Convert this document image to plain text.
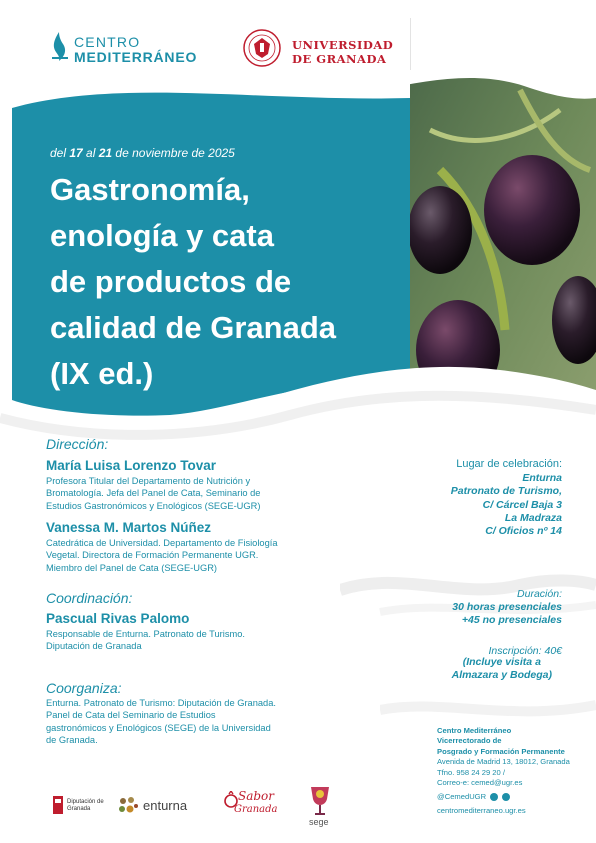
CENTRO
MEDITERRÁNEO
UNIVERSIDAD
DE GRANADA
del 17 al 21 de noviembre de 2025
Gastronomía,
enología y cata
de productos de
calidad de Granada
(IX ed.)
Dirección:
María Luisa Lorenzo Tovar
Profesora Titular del Departamento de Nutrición y
Bromatología. Jefa del Panel de Cata, Seminario de
Estudios Gastronómicos y Enológicos (SEGE-UGR)
Vanessa M. Martos Núñez
Catedrática de Universidad. Departamento de Fisiología
Vegetal. Directora de Formación Permanente UGR.
Miembro del Panel de Cata (SEGE-UGR)
Coordinación:
Pascual Rivas Palomo
Responsable de Enturna. Patronato de Turismo.
Diputación de Granada
Coorganiza:
Enturna. Patronato de Turismo: Diputación de Granada.
Panel de Cata del Seminario de Estudios
gastronómicos y Enológicos (SEGE) de la Universidad
de Granada.
Lugar de celebración:
Enturna
Patronato de Turismo,
C/ Cárcel Baja 3
La Madraza
C/ Oficios nº 14
Duración:
30 horas presenciales
+45 no presenciales
Inscripción: 40€
(Incluye visita a
Almazara y Bodega)
Centro Mediterráneo
Vicerrectorado de
Posgrado y Formación Permanente
Avenida de Madrid 13, 18012, Granada
Tfno. 958 24 29 20 /
Correo-e: cemed@ugr.es
@CemedUGR
centromediterraneo.ugr.es
Diputación de Granada	enturna
Sabor
Granada
sege
